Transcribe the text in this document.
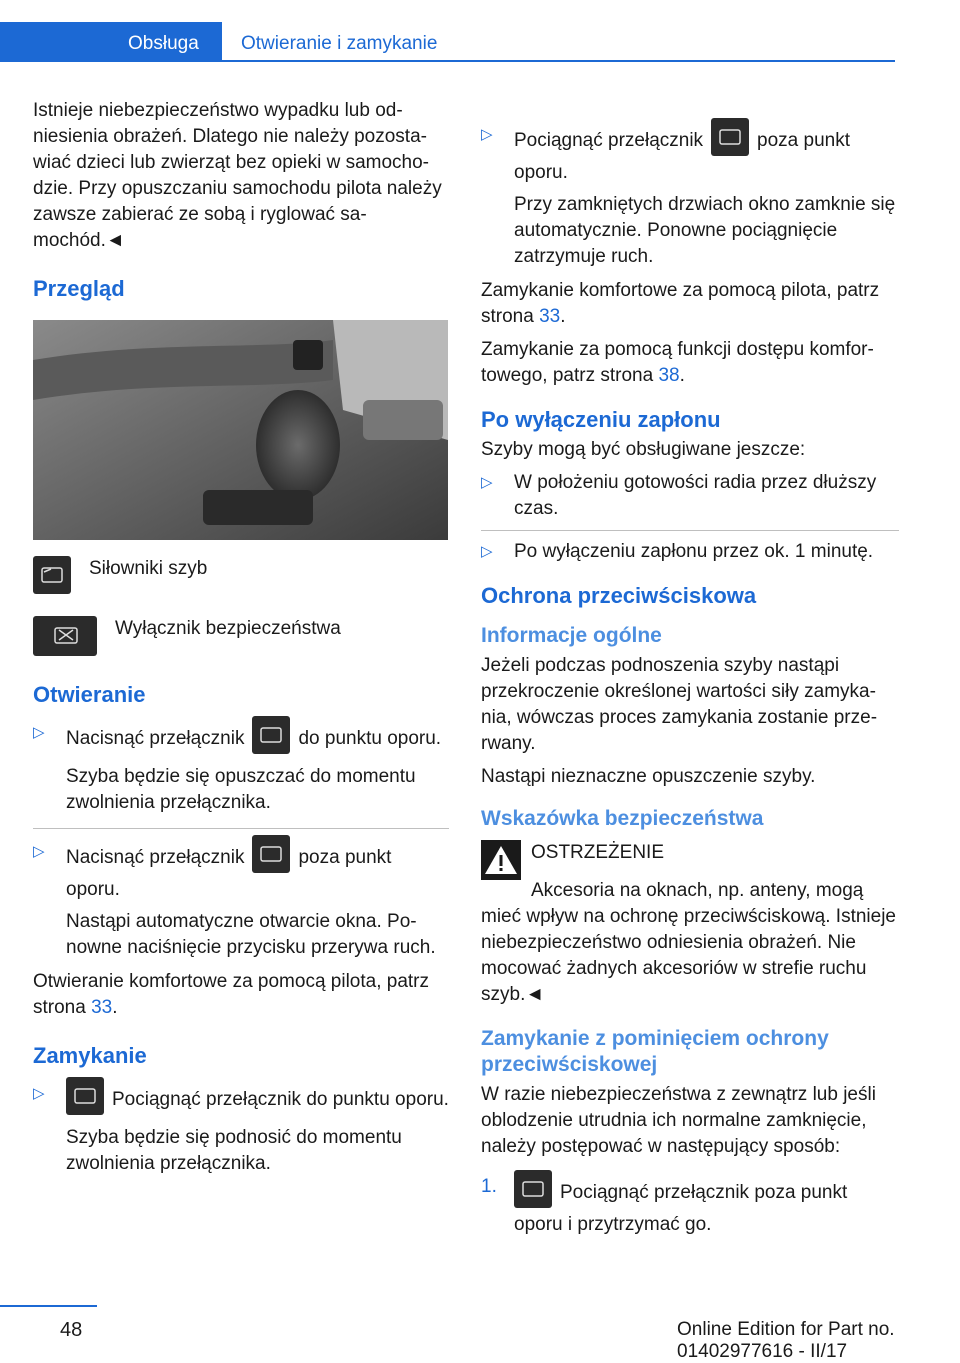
Obsługa Otwieranie i zamykanie

Istnieje niebezpieczeństwo wypadku lub odniesienia obrażeń. Dlatego nie należy pozostawiać dzieci lub zwierząt bez opieki w samochodzie. Przy opuszczaniu samochodu pilota należy zawsze zabierać ze sobą i ryglować samochód.◄

Przegląd
Siłowniki szyb
Wyłącznik bezpieczeństwa
Otwieranie
▷ Nacisnąć przełącznik	do punktu oporu.

Szyba będzie się opuszczać do momentu zwolnienia przełącznika.

▷ Nacisnąć przełącznik	poza punkt oporu.

Nastąpi automatyczne otwarcie okna. Ponowne naciśnięcie przycisku przerywa ruch.

Otwieranie komfortowe za pomocą pilota, patrz strona 33.

Zamykanie
▷	Pociągnąć przełącznik do punktu oporu.

Szyba będzie się podnosić do momentu zwolnienia przełącznika.

▷ Pociągnąć przełącznik	poza punkt oporu.

Przy zamkniętych drzwiach okno zamknie się automatycznie. Ponowne pociągnięcie zatrzymuje ruch.

Zamykanie komfortowe za pomocą pilota, patrz strona 33.

Zamykanie za pomocą funkcji dostępu komfortowego, patrz strona 38.

Po wyłączeniu zapłonu

Szyby mogą być obsługiwane jeszcze:

▷ W położeniu gotowości radia przez dłuższy czas.

▷ Po wyłączeniu zapłonu przez ok. 1 minutę.

Ochrona przeciwściskowa
Informacje ogólne

Jeżeli podczas podnoszenia szyby nastąpi przekroczenie określonej wartości siły zamykania, wówczas proces zamykania zostanie przerwany.

Nastąpi nieznaczne opuszczenie szyby.

Wskazówka bezpieczeństwa

OSTRZEŻENIE

Akcesoria na oknach, np. anteny, mogą mieć wpływ na ochronę przeciwściskową. Istnieje niebezpieczeństwo odniesienia obrażeń. Nie mocować żadnych akcesoriów w strefie ruchu szyb.◄

Zamykanie z pominięciem ochrony przeciwściskowej

W razie niebezpieczeństwa z zewnątrz lub jeśli oblodzenie utrudnia ich normalne zamknięcie, należy postępować w następujący sposób:

1.	Pociągnąć przełącznik poza punkt oporu i przytrzymać go.

48	Online Edition for Part no. 01402977616 - II/17
